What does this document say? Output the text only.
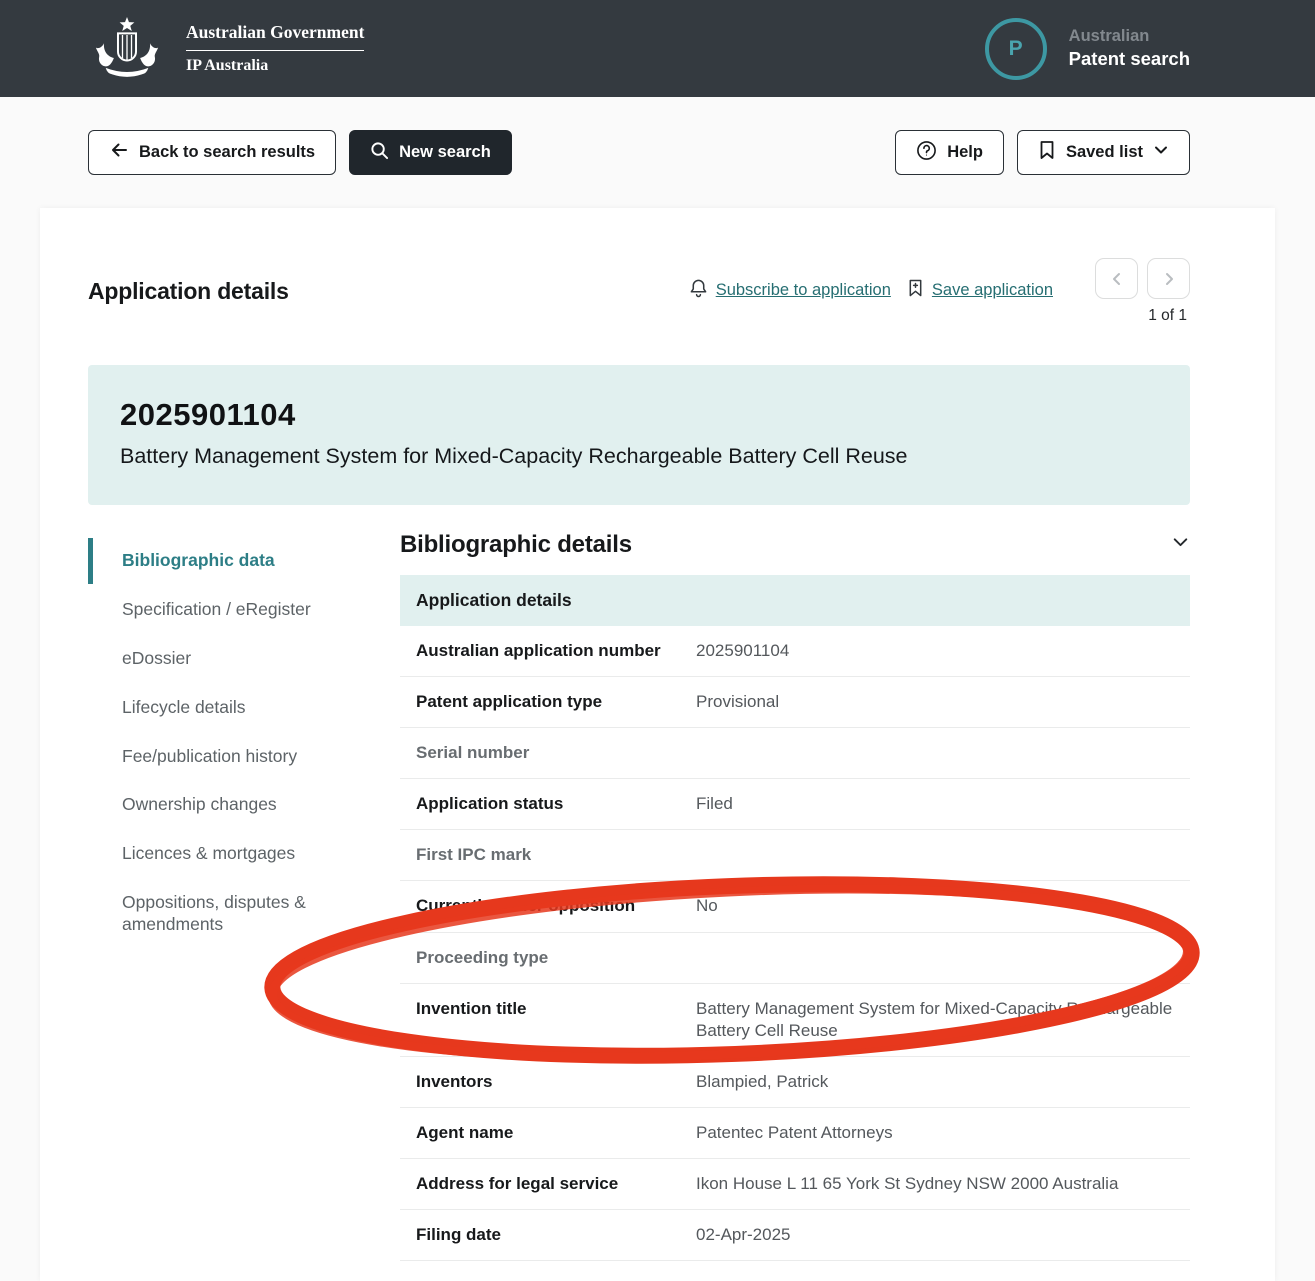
Australian Government
IP Australia
P
Australian
Patent search
Back to search results	New search	Help	Saved list
Application details	Subscribe to application Save application
1 of 1
2025901104
Battery Management System for Mixed-Capacity Rechargeable Battery Cell Reuse
Bibliographic data
Specification / eRegister
eDossier
Lifecycle details
Fee/publication history
Ownership changes
Licences & mortgages
Oppositions, disputes & amendments
Bibliographic details
Application details
Australian application number	2025901104
Patent application type	Provisional
Serial number
Application status	Filed
First IPC mark
Currently under opposition	No
Proceeding type
Invention title	Battery Management System for Mixed-Capacity Rechargeable Battery Cell Reuse
Inventors	Blampied, Patrick
Agent name	Patentec Patent Attorneys
Address for legal service	Ikon House L 11 65 York St Sydney NSW 2000 Australia
Filing date	02-Apr-2025
